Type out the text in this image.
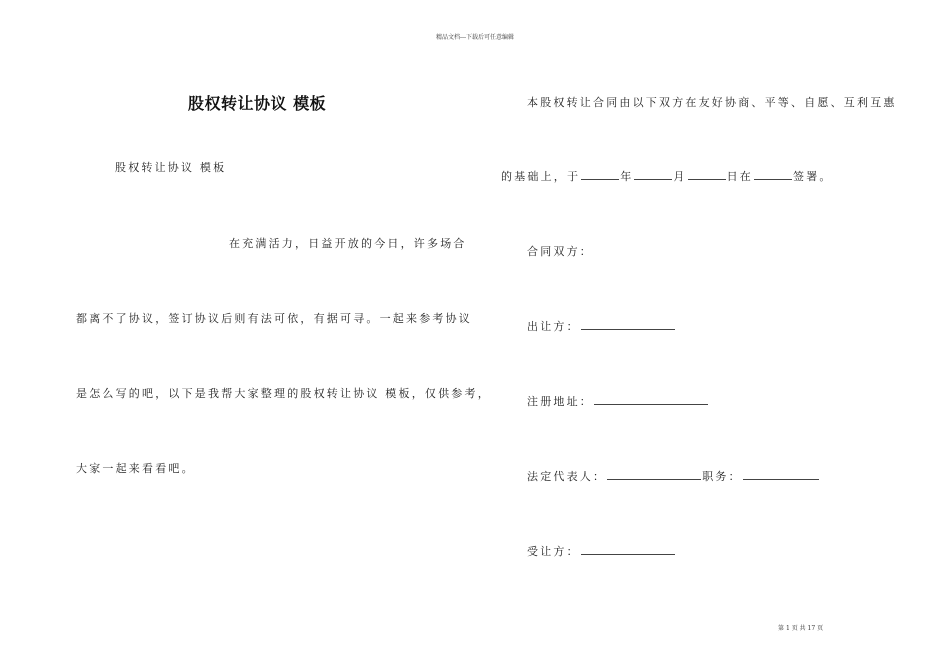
精品文档---下载后可任意编辑
股权转让协议 模板
股权转让协议 模板
在充满活力，日益开放的今日，许多场合
都离不了协议，签订协议后则有法可依，有据可寻。一起来参考协议
是怎么写的吧，以下是我帮大家整理的股权转让协议 模板，仅供参考，
大家一起来看看吧。
本股权转让合同由以下双方在友好协商、平等、自愿、互利互惠
的基础上，于	年	月	日在	签署。
合同双方：
出让方：
注册地址：
法定代表人：	职务：
受让方：
第 1 页 共 17 页
